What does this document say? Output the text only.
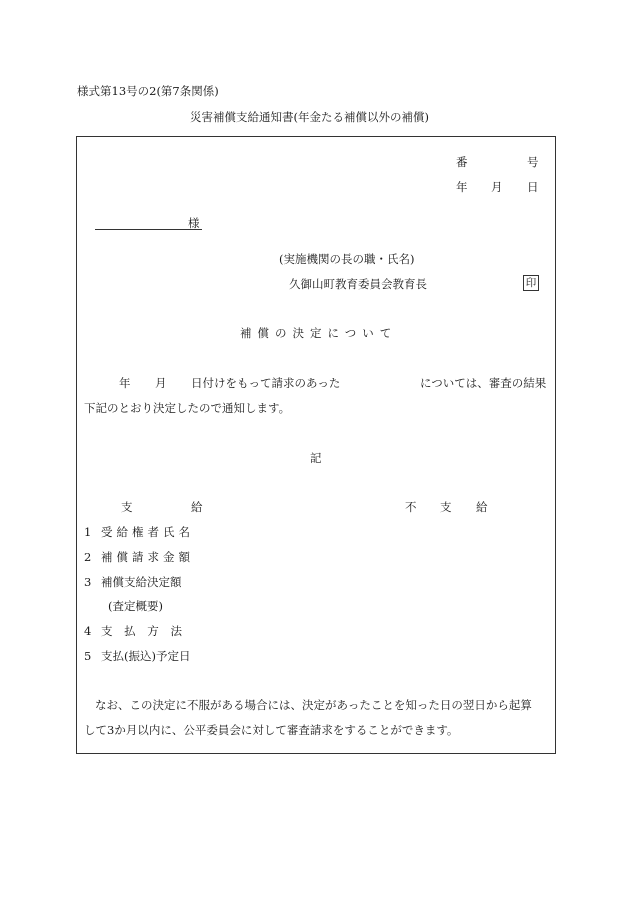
様式第13号の2(第7条関係)
災害補償支給通知書(年金たる補償以外の補償)
番	号
年 月 日
様
(実施機関の長の職・氏名)
久御山町教育委員会教育長	印
補償の決定について
年 月 日付けをもって請求のあった	については、審査の結果
下記のとおり決定したので通知します。
記
支	給	不 支 給
1 受給権者氏名
2 補償請求金額
3 補償支給決定額
(査定概要)
4 支 払 方 法
5 支払(振込)予定日
なお、この決定に不服がある場合には、決定があったことを知った日の翌日から起算
して3か月以内に、公平委員会に対して審査請求をすることができます。
